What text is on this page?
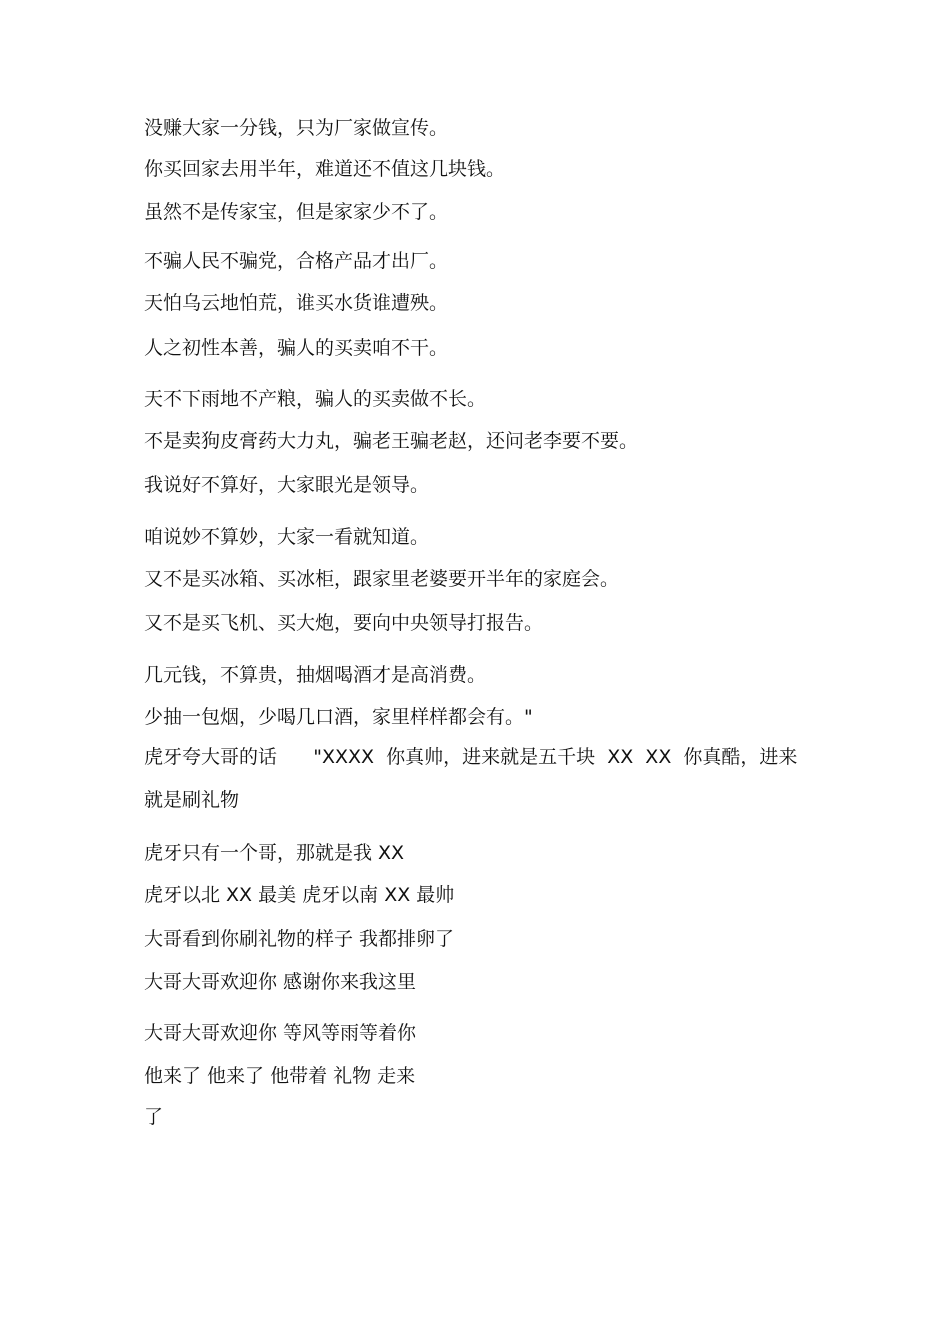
没赚大家一分钱，只为厂家做宣传。
你买回家去用半年，难道还不值这几块钱。
虽然不是传家宝，但是家家少不了。
不骗人民不骗党，合格产品才出厂。
天怕乌云地怕荒，谁买水货谁遭殃。
人之初性本善，骗人的买卖咱不干。
天不下雨地不产粮，骗人的买卖做不长。
不是卖狗皮膏药大力丸，骗老王骗老赵，还问老李要不要。
我说好不算好，大家眼光是领导。
咱说妙不算妙，大家一看就知道。
又不是买冰箱、买冰柜，跟家里老婆要开半年的家庭会。
又不是买飞机、买大炮，要向中央领导打报告。
几元钱，不算贵，抽烟喝酒才是高消费。
少抽一包烟，少喝几口酒，家里样样都会有。"
虎牙夸大哥的话      "XXXX  你真帅，进来就是五千块  XX  XX  你真酷，进来
就是刷礼物
虎牙只有一个哥，那就是我 XX
虎牙以北 XX 最美 虎牙以南 XX 最帅
大哥看到你刷礼物的样子 我都排卵了
大哥大哥欢迎你 感谢你来我这里
大哥大哥欢迎你 等风等雨等着你
他来了 他来了 他带着 礼物 走来
了
